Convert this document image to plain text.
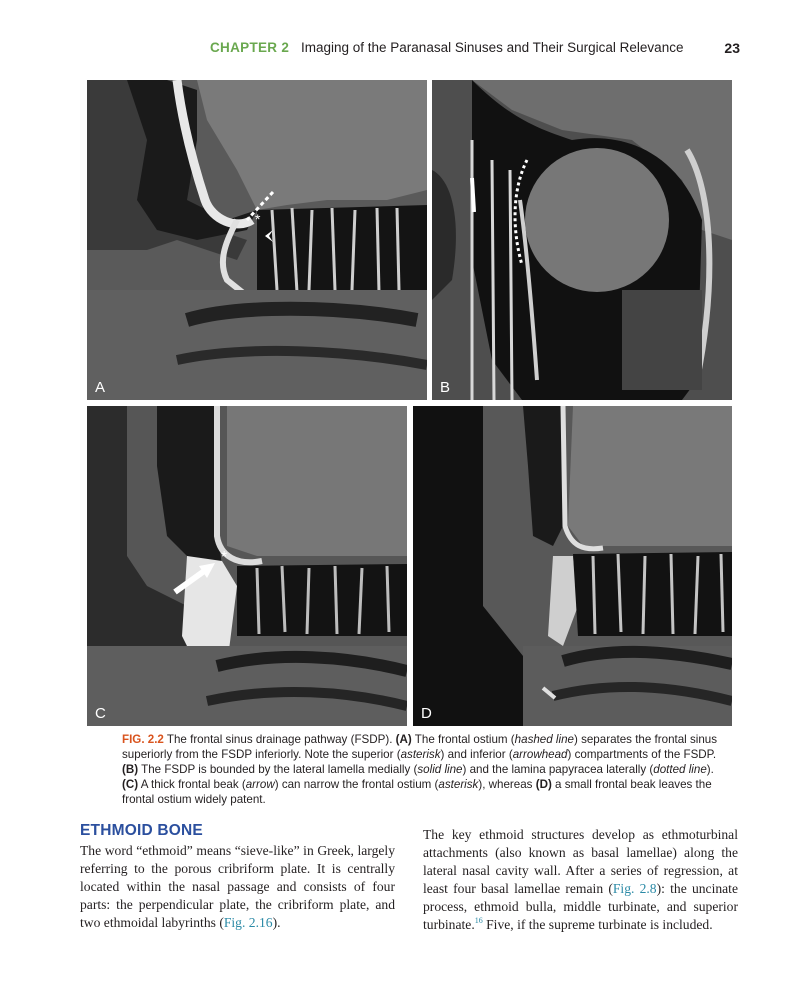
CHAPTER 2 Imaging of the Paranasal Sinuses and Their Surgical Relevance	23
*
A	B
*
C	D
FIG. 2.2 The frontal sinus drainage pathway (FSDP). (A) The frontal ostium (hashed line) separates the frontal sinus superiorly from the FSDP inferiorly. Note the superior (asterisk) and inferior (arrowhead) compartments of the FSDP. (B) The FSDP is bounded by the lateral lamella medially (solid line) and the lamina papyracea laterally (dotted line). (C) A thick frontal beak (arrow) can narrow the frontal ostium (asterisk), whereas (D) a small frontal beak leaves the frontal ostium widely patent.
ETHMOID BONE
The word “ethmoid” means “sieve-like” in Greek, largely referring to the porous cribriform plate. It is centrally located within the nasal passage and consists of four parts: the perpendicular plate, the cribriform plate, and two ethmoidal labyrinths (Fig. 2.16).
The key ethmoid structures develop as ethmoturbinal attachments (also known as basal lamellae) along the lateral nasal cavity wall. After a series of regression, at least four basal lamellae remain (Fig. 2.8): the uncinate process, ethmoid bulla, middle turbinate, and superior turbinate.$^{16}$ Five, if the supreme turbinate is included.
